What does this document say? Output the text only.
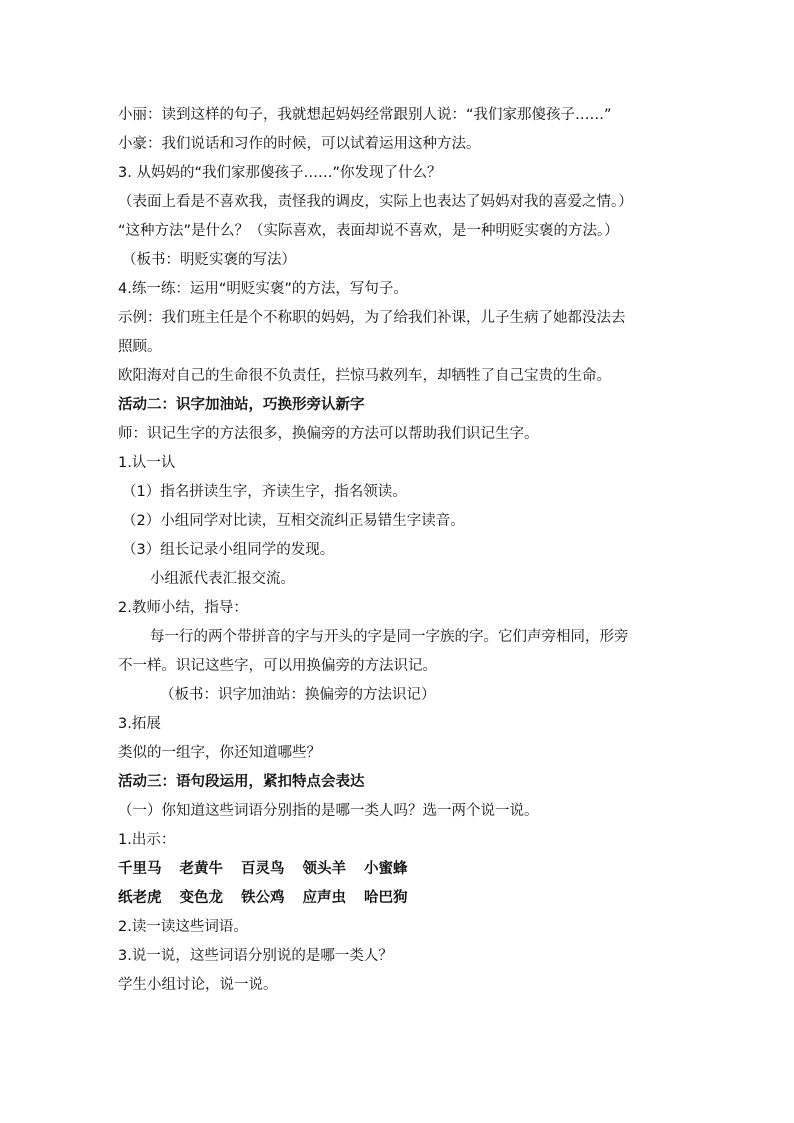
小丽：读到这样的句子，我就想起妈妈经常跟别人说：“我们家那傻孩子……”
小豪：我们说话和习作的时候，可以试着运用这种方法。
3. 从妈妈的“我们家那傻孩子……”你发现了什么？
（表面上看是不喜欢我，责怪我的调皮，实际上也表达了妈妈对我的喜爱之情。）
“这种方法”是什么？（实际喜欢，表面却说不喜欢，是一种明贬实褒的方法。）
（板书：明贬实褒的写法）
4.练一练：运用“明贬实褒”的方法，写句子。
示例：我们班主任是个不称职的妈妈，为了给我们补课，儿子生病了她都没法去
照顾。
欧阳海对自己的生命很不负责任，拦惊马救列车，却牺牲了自己宝贵的生命。
活动二：识字加油站，巧换形旁认新字
师：识记生字的方法很多，换偏旁的方法可以帮助我们识记生字。
1.认一认
（1）指名拼读生字，齐读生字，指名领读。
（2）小组同学对比读，互相交流纠正易错生字读音。
（3）组长记录小组同学的发现。
小组派代表汇报交流。
2.教师小结，指导：
每一行的两个带拼音的字与开头的字是同一字族的字。它们声旁相同，形旁
不一样。识记这些字，可以用换偏旁的方法识记。
（板书：识字加油站：换偏旁的方法识记）
3.拓展
类似的一组字，你还知道哪些？
活动三：语句段运用，紧扣特点会表达
（一）你知道这些词语分别指的是哪一类人吗？选一两个说一说。
1.出示：
千里马 老黄牛 百灵鸟 领头羊 小蜜蜂
纸老虎 变色龙 铁公鸡 应声虫 哈巴狗
2.读一读这些词语。
3.说一说，这些词语分别说的是哪一类人？
学生小组讨论，说一说。
